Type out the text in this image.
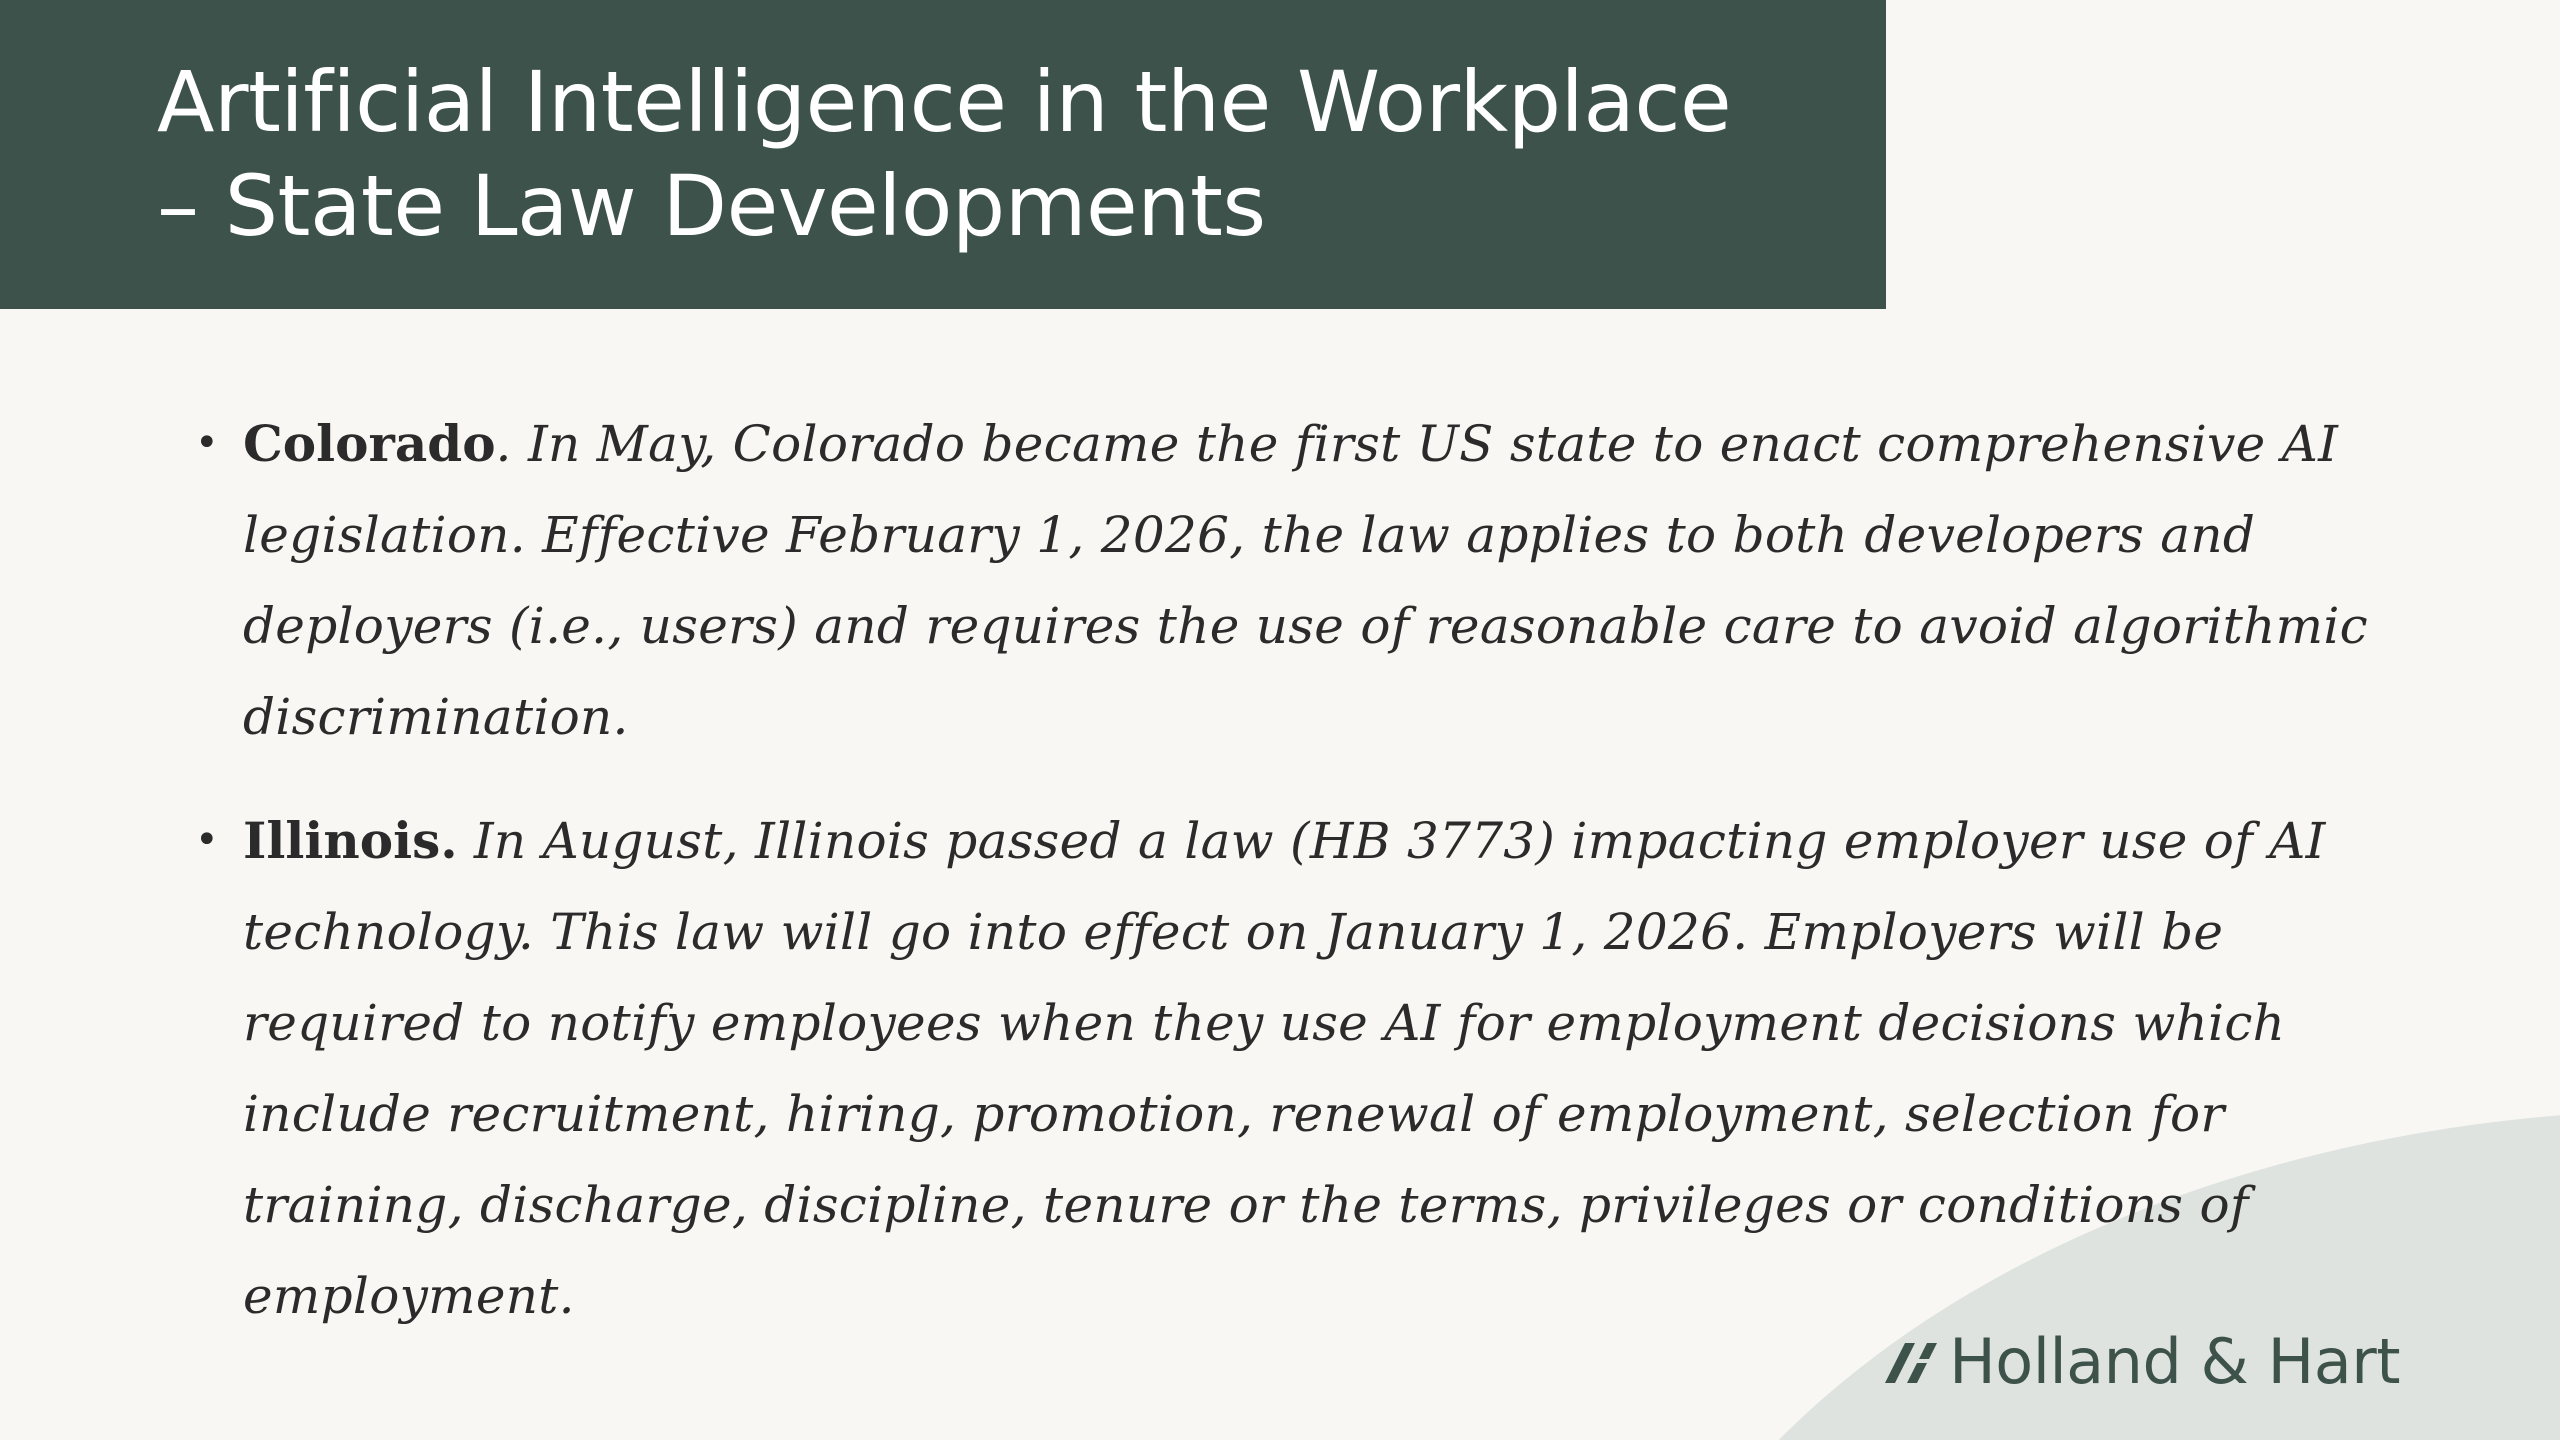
Artificial Intelligence in the Workplace
– State Law Developments
• Colorado. In May, Colorado became the first US state to enact comprehensive AI legislation. Effective February 1, 2026, the law applies to both developers and deployers (i.e., users) and requires the use of reasonable care to avoid algorithmic discrimination.
• Illinois. In August, Illinois passed a law (HB 3773) impacting employer use of AI technology. This law will go into effect on January 1, 2026. Employers will be required to notify employees when they use AI for employment decisions which include recruitment, hiring, promotion, renewal of employment, selection for training, discharge, discipline, tenure or the terms, privileges or conditions of employment.
Holland & Hart
